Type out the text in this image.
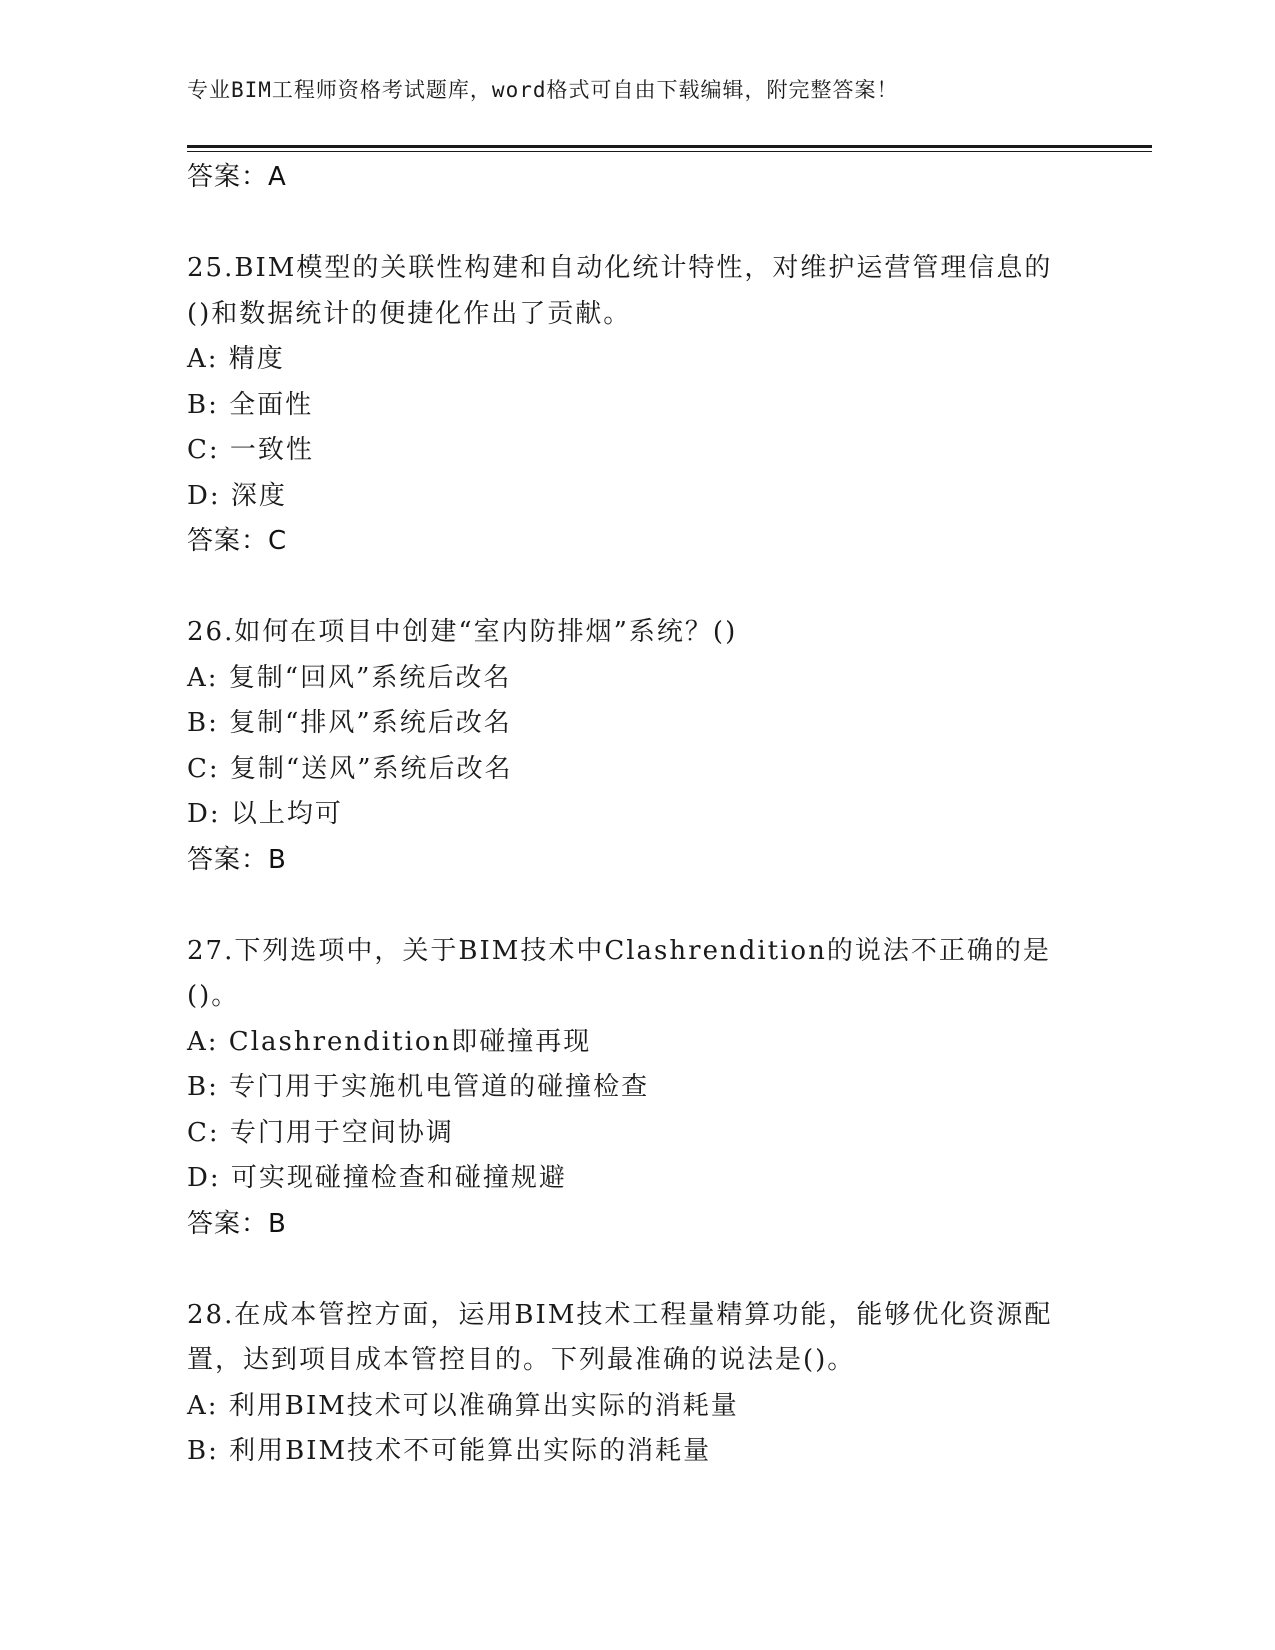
专业BIM工程师资格考试题库，word格式可自由下载编辑，附完整答案！
答案：A
25.BIM模型的关联性构建和自动化统计特性，对维护运营管理信息的
()和数据统计的便捷化作出了贡献。
A: 精度
B: 全面性
C: 一致性
D: 深度
答案：C
26.如何在项目中创建“室内防排烟”系统？()
A: 复制“回风”系统后改名
B: 复制“排风”系统后改名
C: 复制“送风”系统后改名
D: 以上均可
答案：B
27.下列选项中，关于BIM技术中Clashrendition的说法不正确的是
()。
A: Clashrendition即碰撞再现
B: 专门用于实施机电管道的碰撞检查
C: 专门用于空间协调
D: 可实现碰撞检查和碰撞规避
答案：B
28.在成本管控方面，运用BIM技术工程量精算功能，能够优化资源配
置，达到项目成本管控目的。下列最准确的说法是()。
A: 利用BIM技术可以准确算出实际的消耗量
B: 利用BIM技术不可能算出实际的消耗量
